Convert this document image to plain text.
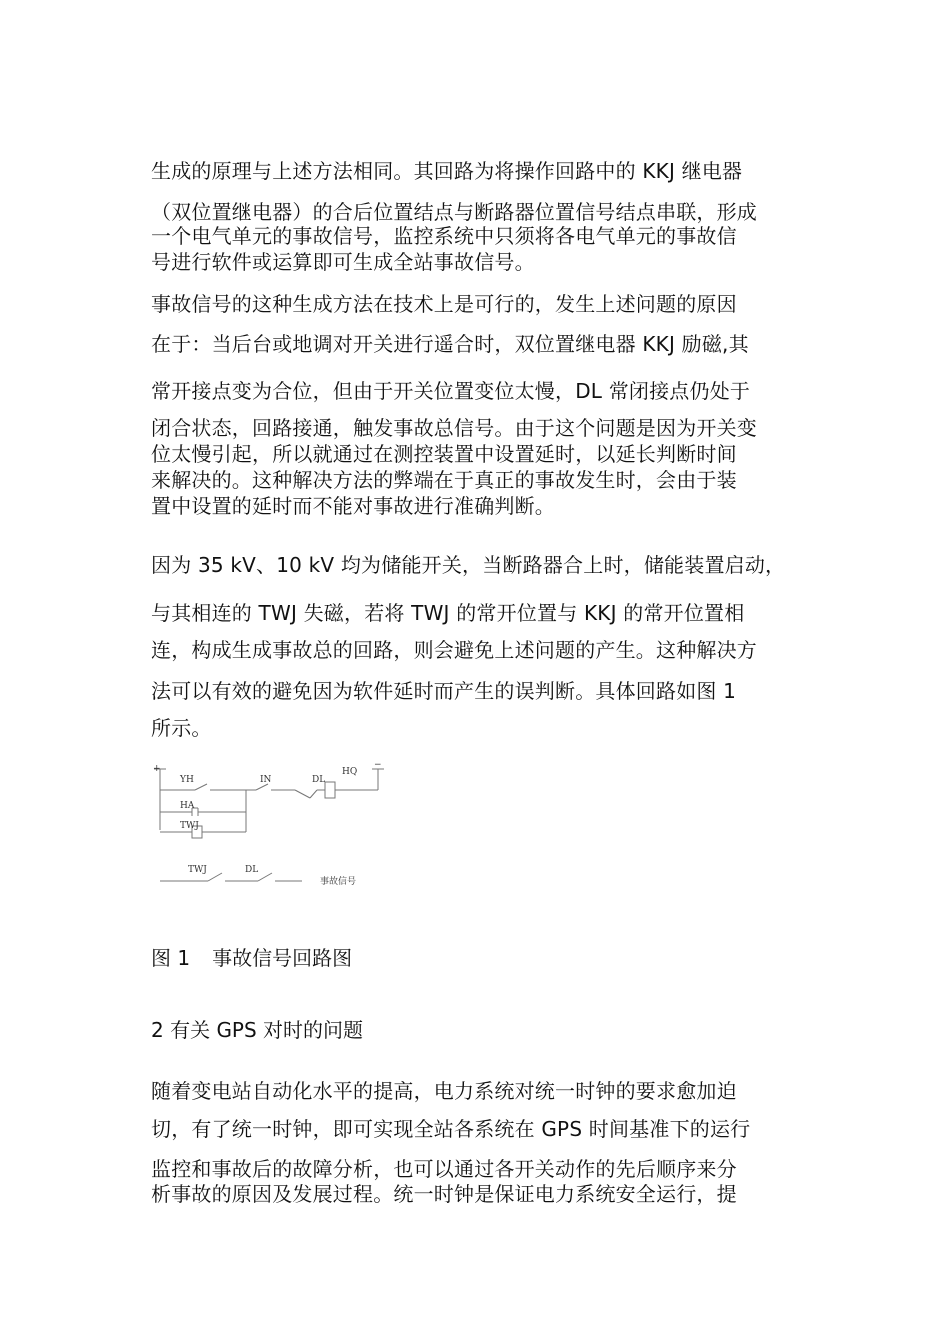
生成的原理与上述方法相同。其回路为将操作回路中的 KKJ 继电器
（双位置继电器）的合后位置结点与断路器位置信号结点串联，形成
一个电气单元的事故信号，监控系统中只须将各电气单元的事故信
号进行软件或运算即可生成全站事故信号。
事故信号的这种生成方法在技术上是可行的，发生上述问题的原因
在于：当后台或地调对开关进行遥合时，双位置继电器 KKJ 励磁,其
常开接点变为合位，但由于开关位置变位太慢，DL 常闭接点仍处于
闭合状态，回路接通，触发事故总信号。由于这个问题是因为开关变
位太慢引起，所以就通过在测控装置中设置延时，以延长判断时间
来解决的。这种解决方法的弊端在于真正的事故发生时，会由于装
置中设置的延时而不能对事故进行准确判断。
因为 35 kV、10 kV 均为储能开关，当断路器合上时，储能装置启动，
与其相连的 TWJ 失磁，若将 TWJ 的常开位置与 KKJ 的常开位置相
连，构成生成事故总的回路，则会避免上述问题的产生。这种解决方
法可以有效的避免因为软件延时而产生的误判断。具体回路如图 1
所示。
+	−
YH	IN	DL
HQ
HA
TWJ
TWJ	DL
事故信号
图 1 事故信号回路图
2 有关 GPS 对时的问题
随着变电站自动化水平的提高，电力系统对统一时钟的要求愈加迫
切，有了统一时钟，即可实现全站各系统在 GPS 时间基准下的运行
监控和事故后的故障分析，也可以通过各开关动作的先后顺序来分
析事故的原因及发展过程。统一时钟是保证电力系统安全运行，提
